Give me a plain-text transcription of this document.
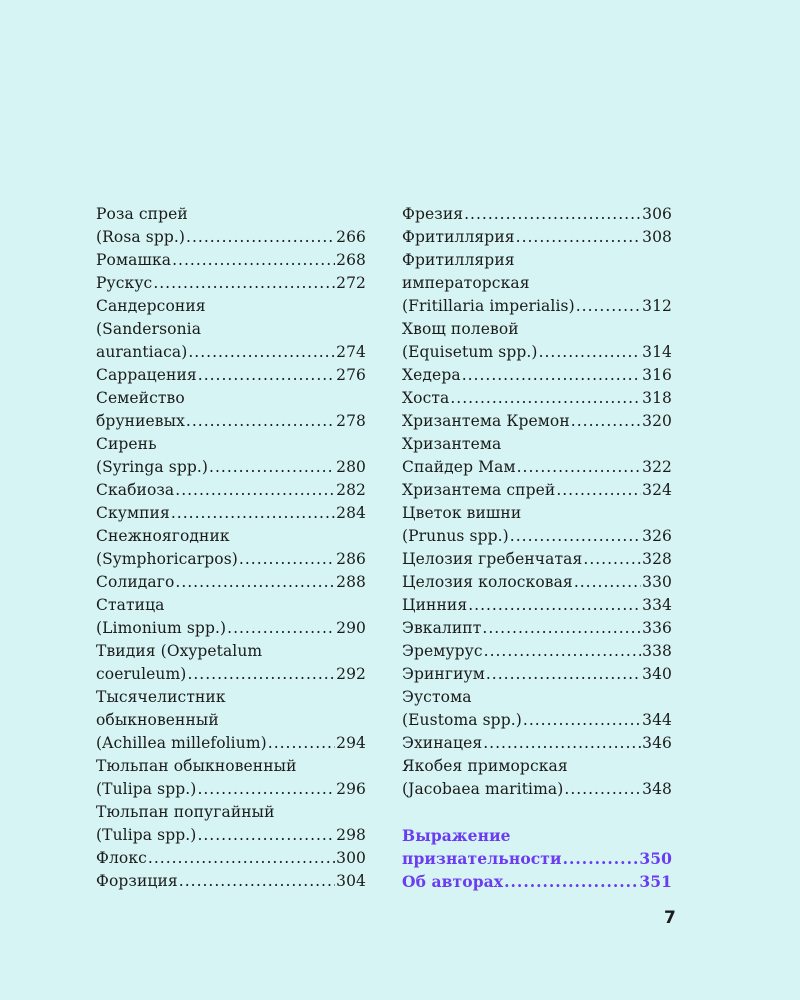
Роза спрей
(Rosa spp.) .....	266
Ромашка .....	268
Рускус .....	272
Сандерсония
(Sandersonia
aurantiaca) .....	274
Саррацения .....	276
Семейство
бруниевых .....	278
Сирень
(Syringa spp.) .....	280
Скабиоза .....	282
Скумпия .....	284
Снежноягодник
(Symphoricarpos) .....	286
Солидаго .....	288
Статица
(Limonium spp.) .....	290
Твидия (Oxypetalum
coeruleum) .....	292
Тысячелистник
обыкновенный
(Achillea millefolium) .....	294
Тюльпан обыкновенный
(Tulipa spp.) .....	296
Тюльпан попугайный
(Tulipa spp.) .....	298
Флокс .....	300
Форзиция .....	304
Фрезия .....	306
Фритиллярия .....	308
Фритиллярия
императорская
(Fritillaria imperialis) .....	312
Хвощ полевой
(Equisetum spp.) .....	314
Хедера .....	316
Хоста .....	318
Хризантема Кремон .....	320
Хризантема
Спайдер Мам .....	322
Хризантема спрей .....	324
Цветок вишни
(Prunus spp.) .....	326
Целозия гребенчатая .....	328
Целозия колосковая .....	330
Цинния .....	334
Эвкалипт .....	336
Эремурус .....	338
Эрингиум .....	340
Эустома
(Eustoma spp.) .....	344
Эхинацея .....	346
Якобея приморская
(Jacobaea maritima) .....	348
Выражение
признательности .....	350
Об авторах .....	351
7
